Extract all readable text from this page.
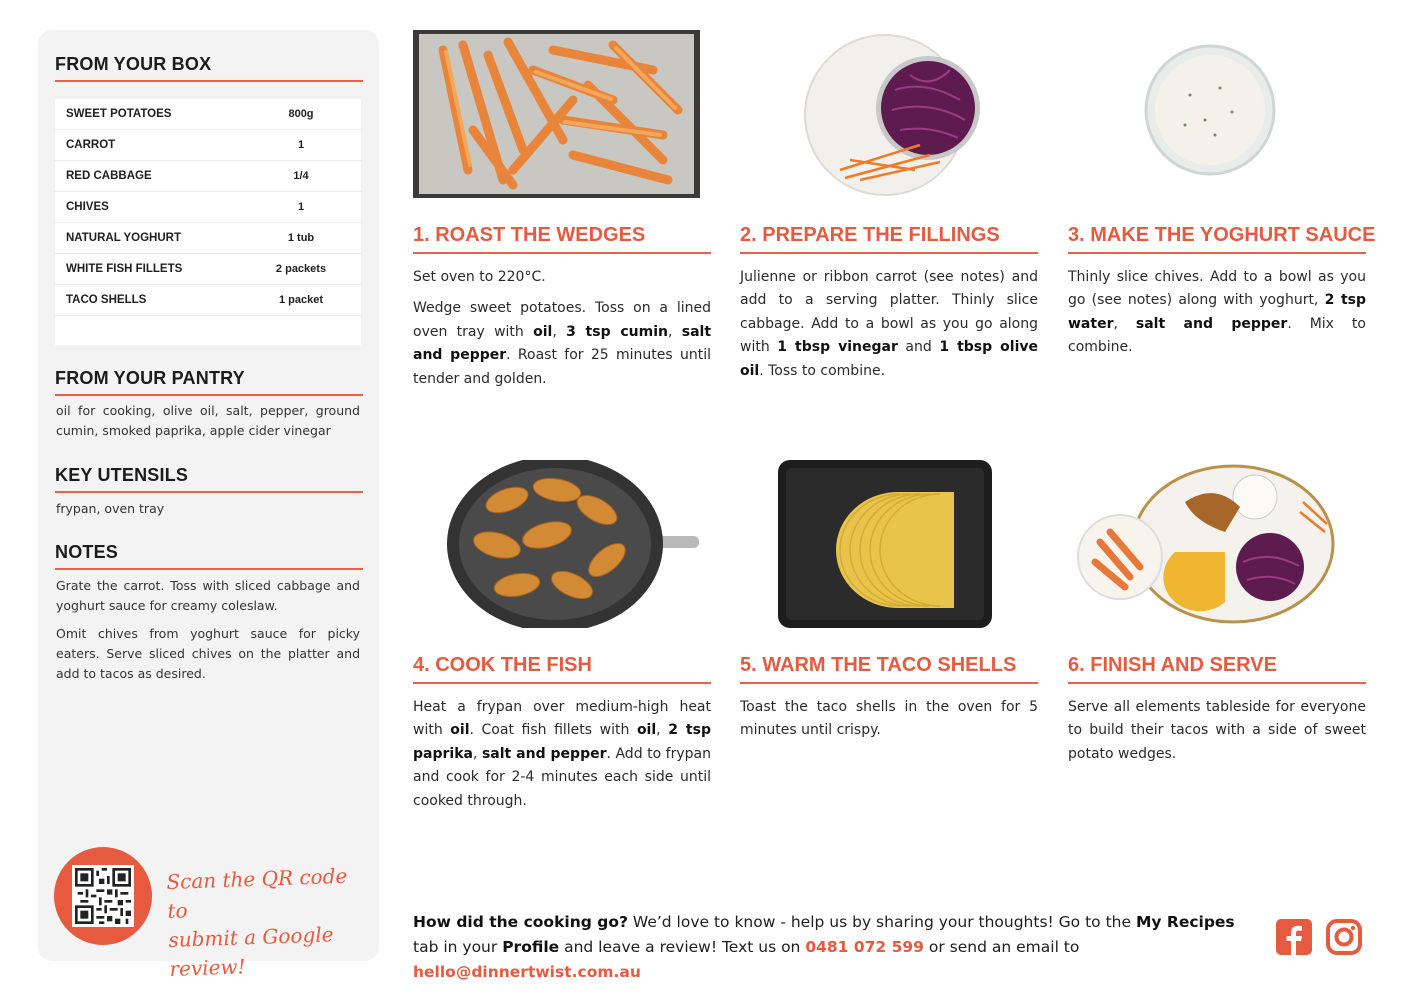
FROM YOUR BOX
SWEET POTATOES	800g
CARROT	1
RED CABBAGE	1/4
CHIVES	1
NATURAL YOGHURT	1 tub
WHITE FISH FILLETS	2 packets
TACO SHELLS	1 packet
FROM YOUR PANTRY
oil for cooking, olive oil, salt, pepper, ground cumin, smoked paprika, apple cider vinegar
KEY UTENSILS
frypan, oven tray
NOTES
Grate the carrot. Toss with sliced cabbage and yoghurt sauce for creamy coleslaw.
Omit chives from yoghurt sauce for picky eaters. Serve sliced chives on the platter and add to tacos as desired.
Scan the QR code to
submit a Google review!
1. ROAST THE WEDGES

Set oven to 220°C.

Wedge sweet potatoes. Toss on a lined oven tray with oil, 3 tsp cumin, salt and pepper. Roast for 25 minutes until tender and golden.

2. PREPARE THE FILLINGS

Julienne or ribbon carrot (see notes) and add to a serving platter. Thinly slice cabbage. Add to a bowl as you go along with 1 tbsp vinegar and 1 tbsp olive oil. Toss to combine.

3. MAKE THE YOGHURT SAUCE

Thinly slice chives. Add to a bowl as you go (see notes) along with yoghurt, 2 tsp water, salt and pepper. Mix to combine.

4. COOK THE FISH

Heat a frypan over medium-high heat with oil. Coat fish fillets with oil, 2 tsp paprika, salt and pepper. Add to frypan and cook for 2-4 minutes each side until cooked through.

5. WARM THE TACO SHELLS

Toast the taco shells in the oven for 5 minutes until crispy.

6. FINISH AND SERVE

Serve all elements tableside for everyone to build their tacos with a side of sweet potato wedges.

How did the cooking go? We’d love to know - help us by sharing your thoughts! Go to the My Recipes tab in your Profile and leave a review! Text us on 0481 072 599 or send an email to hello@dinnertwist.com.au
